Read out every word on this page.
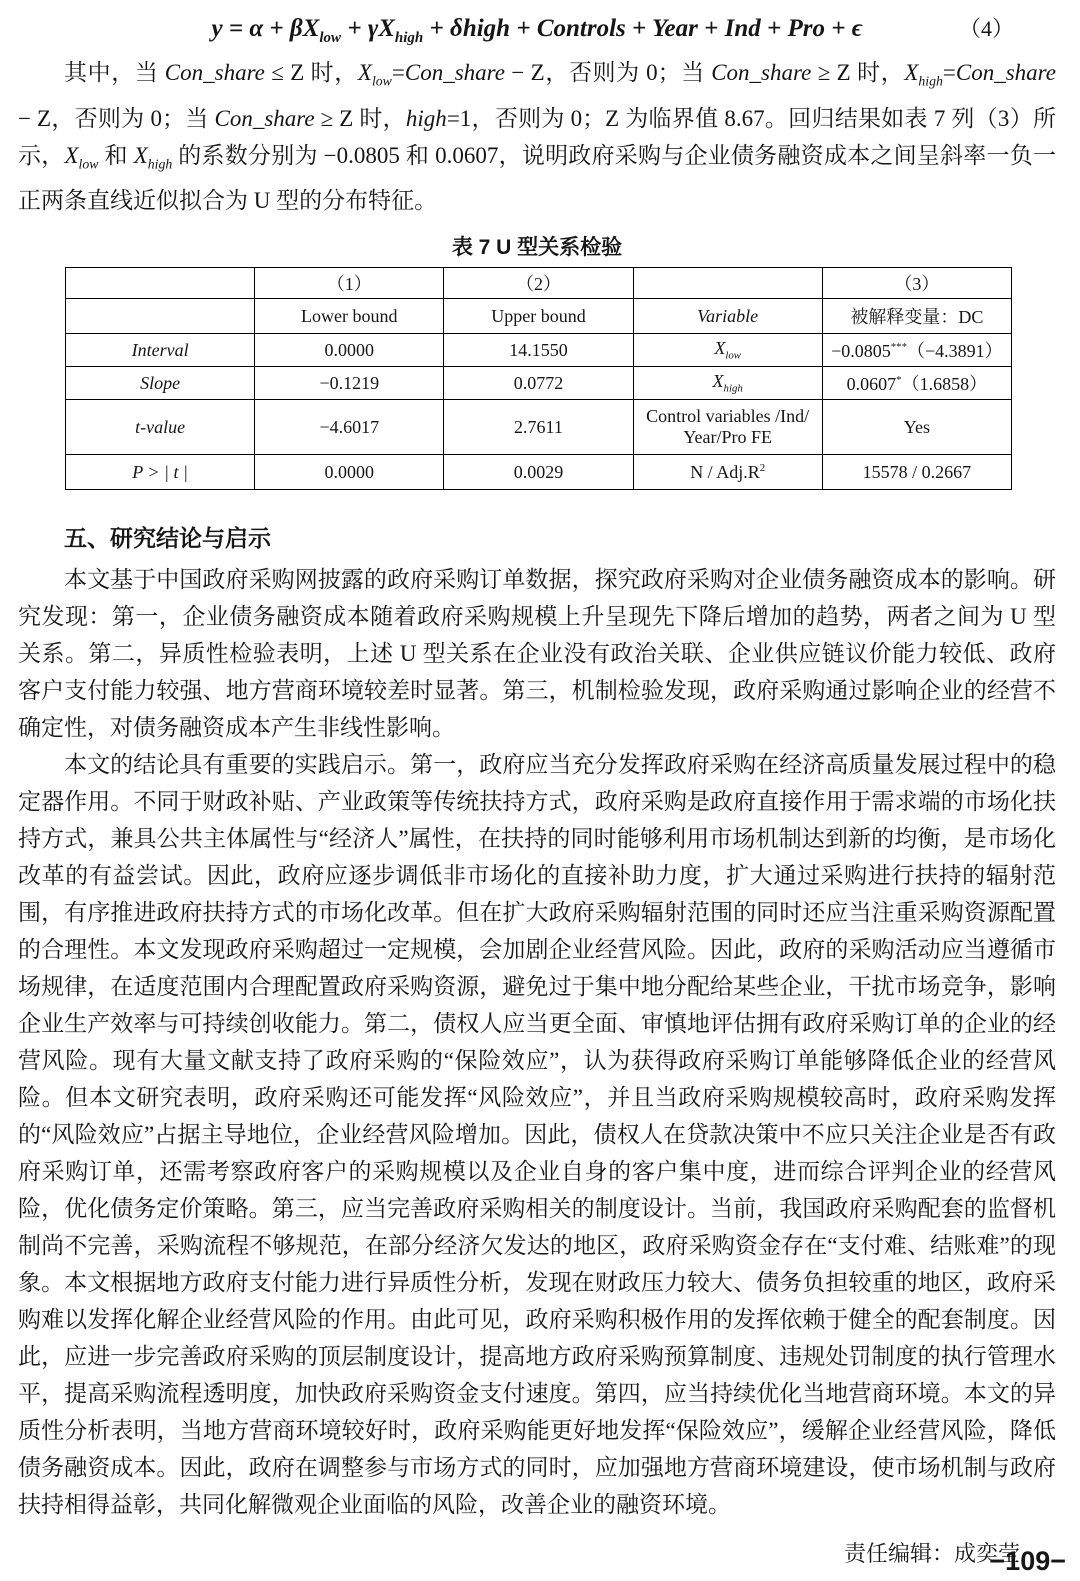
$y = \alpha + \beta X_{low} + \gamma X_{high}$ + δhigh + Controls + Year + Ind + Pro + ϵ	（4）

其中，当 Con_share ≤ Z 时，$X_{low}=Con\_share - Z$，否则为 0；当 Con_share ≥ Z 时，$X_{high}=Con\_share - Z$，否则为 0；当 Con_share ≥ Z 时，high=1，否则为 0；Z 为临界值 8.67。回归结果如表 7 列（3）所示，$X_{low}$ 和 $X_{high}$ 的系数分别为 −0.0805 和 0.0607，说明政府采购与企业债务融资成本之间呈斜率一负一正两条直线近似拟合为 U 型的分布特征。

表 7 U 型关系检验
	（1）	（2）		（3）
	Lower bound	Upper bound	Variable	被解释变量：DC
Interval	0.0000	14.1550	$X_{low}$	−0.0805***（−4.3891）
Slope	−0.1219	0.0772	$X_{high}$	0.0607*（1.6858）
t-value	−4.6017	2.7611	Control variables /Ind/ Year/Pro FE	Yes
P > | t |	0.0000	0.0029	N / $Adj.R^2$	15578 / 0.2667
五、研究结论与启示

本文基于中国政府采购网披露的政府采购订单数据，探究政府采购对企业债务融资成本的影响。研究发现：第一，企业债务融资成本随着政府采购规模上升呈现先下降后增加的趋势，两者之间为 U 型关系。第二，异质性检验表明，上述 U 型关系在企业没有政治关联、企业供应链议价能力较低、政府客户支付能力较强、地方营商环境较差时显著。第三，机制检验发现，政府采购通过影响企业的经营不确定性，对债务融资成本产生非线性影响。

本文的结论具有重要的实践启示。第一，政府应当充分发挥政府采购在经济高质量发展过程中的稳定器作用。不同于财政补贴、产业政策等传统扶持方式，政府采购是政府直接作用于需求端的市场化扶持方式，兼具公共主体属性与“经济人”属性，在扶持的同时能够利用市场机制达到新的均衡，是市场化改革的有益尝试。因此，政府应逐步调低非市场化的直接补助力度，扩大通过采购进行扶持的辐射范围，有序推进政府扶持方式的市场化改革。但在扩大政府采购辐射范围的同时还应当注重采购资源配置的合理性。本文发现政府采购超过一定规模，会加剧企业经营风险。因此，政府的采购活动应当遵循市场规律，在适度范围内合理配置政府采购资源，避免过于集中地分配给某些企业，干扰市场竞争，影响企业生产效率与可持续创收能力。第二，债权人应当更全面、审慎地评估拥有政府采购订单的企业的经营风险。现有大量文献支持了政府采购的“保险效应”，认为获得政府采购订单能够降低企业的经营风险。但本文研究表明，政府采购还可能发挥“风险效应”，并且当政府采购规模较高时，政府采购发挥的“风险效应”占据主导地位，企业经营风险增加。因此，债权人在贷款决策中不应只关注企业是否有政府采购订单，还需考察政府客户的采购规模以及企业自身的客户集中度，进而综合评判企业的经营风险，优化债务定价策略。第三，应当完善政府采购相关的制度设计。当前，我国政府采购配套的监督机制尚不完善，采购流程不够规范，在部分经济欠发达的地区，政府采购资金存在“支付难、结账难”的现象。本文根据地方政府支付能力进行异质性分析，发现在财政压力较大、债务负担较重的地区，政府采购难以发挥化解企业经营风险的作用。由此可见，政府采购积极作用的发挥依赖于健全的配套制度。因此，应进一步完善政府采购的顶层制度设计，提高地方政府采购预算制度、违规处罚制度的执行管理水平，提高采购流程透明度，加快政府采购资金支付速度。第四，应当持续优化当地营商环境。本文的异质性分析表明，当地方营商环境较好时，政府采购能更好地发挥“保险效应”，缓解企业经营风险，降低债务融资成本。因此，政府在调整参与市场方式的同时，应加强地方营商环境建设，使市场机制与政府扶持相得益彰，共同化解微观企业面临的风险，改善企业的融资环境。

责任编辑：成奕莹
−109−
